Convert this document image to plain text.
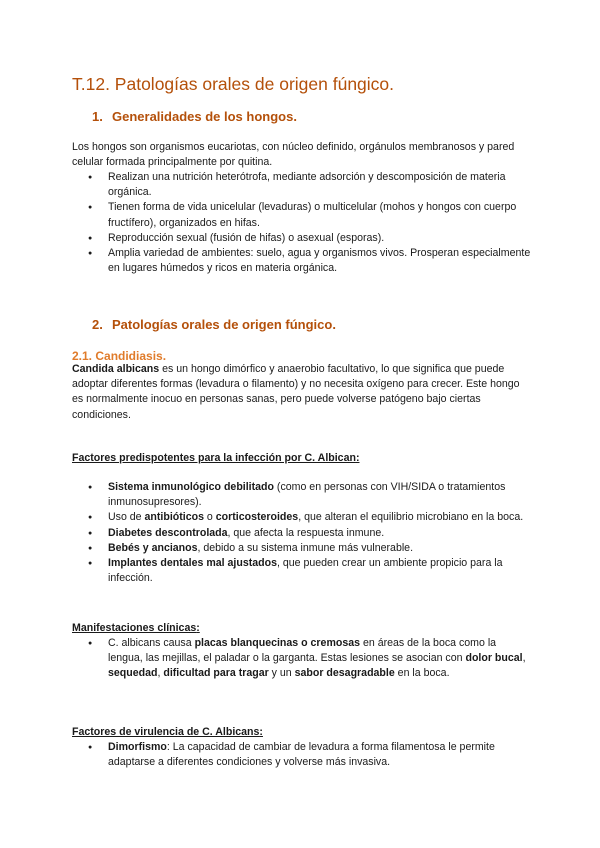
T.12. Patologías orales de origen fúngico.
1. Generalidades de los hongos.

Los hongos son organismos eucariotas, con núcleo definido, orgánulos membranosos y pared celular formada principalmente por quitina.

● Realizan una nutrición heterótrofa, mediante adsorción y descomposición de materia orgánica.
● Tienen forma de vida unicelular (levaduras) o multicelular (mohos y hongos con cuerpo fructífero), organizados en hifas.
● Reproducción sexual (fusión de hifas) o asexual (esporas).
● Amplia variedad de ambientes: suelo, agua y organismos vivos. Prosperan especialmente en lugares húmedos y ricos en materia orgánica.
2. Patologías orales de origen fúngico.
2.1. Candidiasis.

Candida albicans es un hongo dimórfico y anaerobio facultativo, lo que significa que puede adoptar diferentes formas (levadura o filamento) y no necesita oxígeno para crecer. Este hongo es normalmente inocuo en personas sanas, pero puede volverse patógeno bajo ciertas condiciones.

Factores predispotentes para la infección por C. Albican:

● Sistema inmunológico debilitado (como en personas con VIH/SIDA o tratamientos inmunosupresores).
● Uso de antibióticos o corticosteroides, que alteran el equilibrio microbiano en la boca.
● Diabetes descontrolada, que afecta la respuesta inmune.
● Bebés y ancianos, debido a su sistema inmune más vulnerable.
● Implantes dentales mal ajustados, que pueden crear un ambiente propicio para la infección.

Manifestaciones clínicas:

● C. albicans causa placas blanquecinas o cremosas en áreas de la boca como la lengua, las mejillas, el paladar o la garganta. Estas lesiones se asocian con dolor bucal, sequedad, dificultad para tragar y un sabor desagradable en la boca.

Factores de virulencia de C. Albicans:

● Dimorfismo: La capacidad de cambiar de levadura a forma filamentosa le permite adaptarse a diferentes condiciones y volverse más invasiva.
